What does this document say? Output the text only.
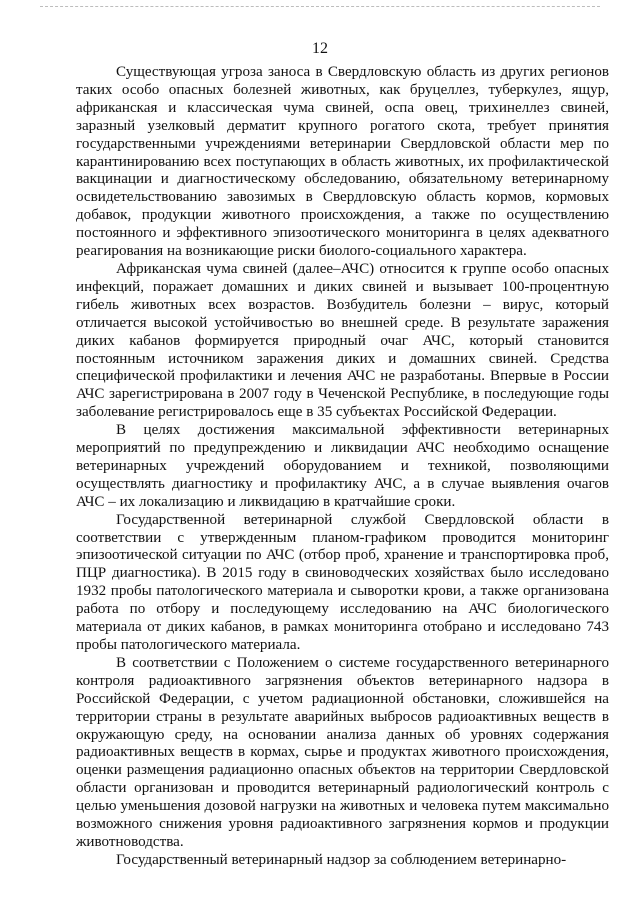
12

Существующая угроза заноса в Свердловскую область из других регионов таких особо опасных болезней животных, как бруцеллез, туберкулез, ящур, африканская и классическая чума свиней, оспа овец, трихинеллез свиней, заразный узелковый дерматит крупного рогатого скота, требует принятия государственными учреждениями ветеринарии Свердловской области мер по карантинированию всех поступающих в область животных, их профилактической вакцинации и диагностическому обследованию, обязательному ветеринарному освидетельствованию завозимых в Свердловскую область кормов, кормовых добавок, продукции животного происхождения, а также по осуществлению постоянного и эффективного эпизоотического мониторинга в целях адекватного реагирования на возникающие риски биолого-социального характера.

Африканская чума свиней (далее–АЧС) относится к группе особо опасных инфекций, поражает домашних и диких свиней и вызывает 100-процентную гибель животных всех возрастов. Возбудитель болезни – вирус, который отличается высокой устойчивостью во внешней среде. В результате заражения диких кабанов формируется природный очаг АЧС, который становится постоянным источником заражения диких и домашних свиней. Средства специфической профилактики и лечения АЧС не разработаны. Впервые в России АЧС зарегистрирована в 2007 году в Чеченской Республике, в последующие годы заболевание регистрировалось еще в 35 субъектах Российской Федерации.

В целях достижения максимальной эффективности ветеринарных мероприятий по предупреждению и ликвидации АЧС необходимо оснащение ветеринарных учреждений оборудованием и техникой, позволяющими осуществлять диагностику и профилактику АЧС, а в случае выявления очагов АЧС – их локализацию и ликвидацию в кратчайшие сроки.

Государственной ветеринарной службой Свердловской области в соответствии с утвержденным планом-графиком проводится мониторинг эпизоотической ситуации по АЧС (отбор проб, хранение и транспортировка проб, ПЦР диагностика). В 2015 году в свиноводческих хозяйствах было исследовано 1932 пробы патологического материала и сыворотки крови, а также организована работа по отбору и последующему исследованию на АЧС биологического материала от диких кабанов, в рамках мониторинга отобрано и исследовано 743 пробы патологического материала.

В соответствии с Положением о системе государственного ветеринарного контроля радиоактивного загрязнения объектов ветеринарного надзора в Российской Федерации, с учетом радиационной обстановки, сложившейся на территории страны в результате аварийных выбросов радиоактивных веществ в окружающую среду, на основании анализа данных об уровнях содержания радиоактивных веществ в кормах, сырье и продуктах животного происхождения, оценки размещения радиационно опасных объектов на территории Свердловской области организован и проводится ветеринарный радиологический контроль с целью уменьшения дозовой нагрузки на животных и человека путем максимально возможного снижения уровня радиоактивного загрязнения кормов и продукции животноводства.

Государственный ветеринарный надзор за соблюдением ветеринарно-
